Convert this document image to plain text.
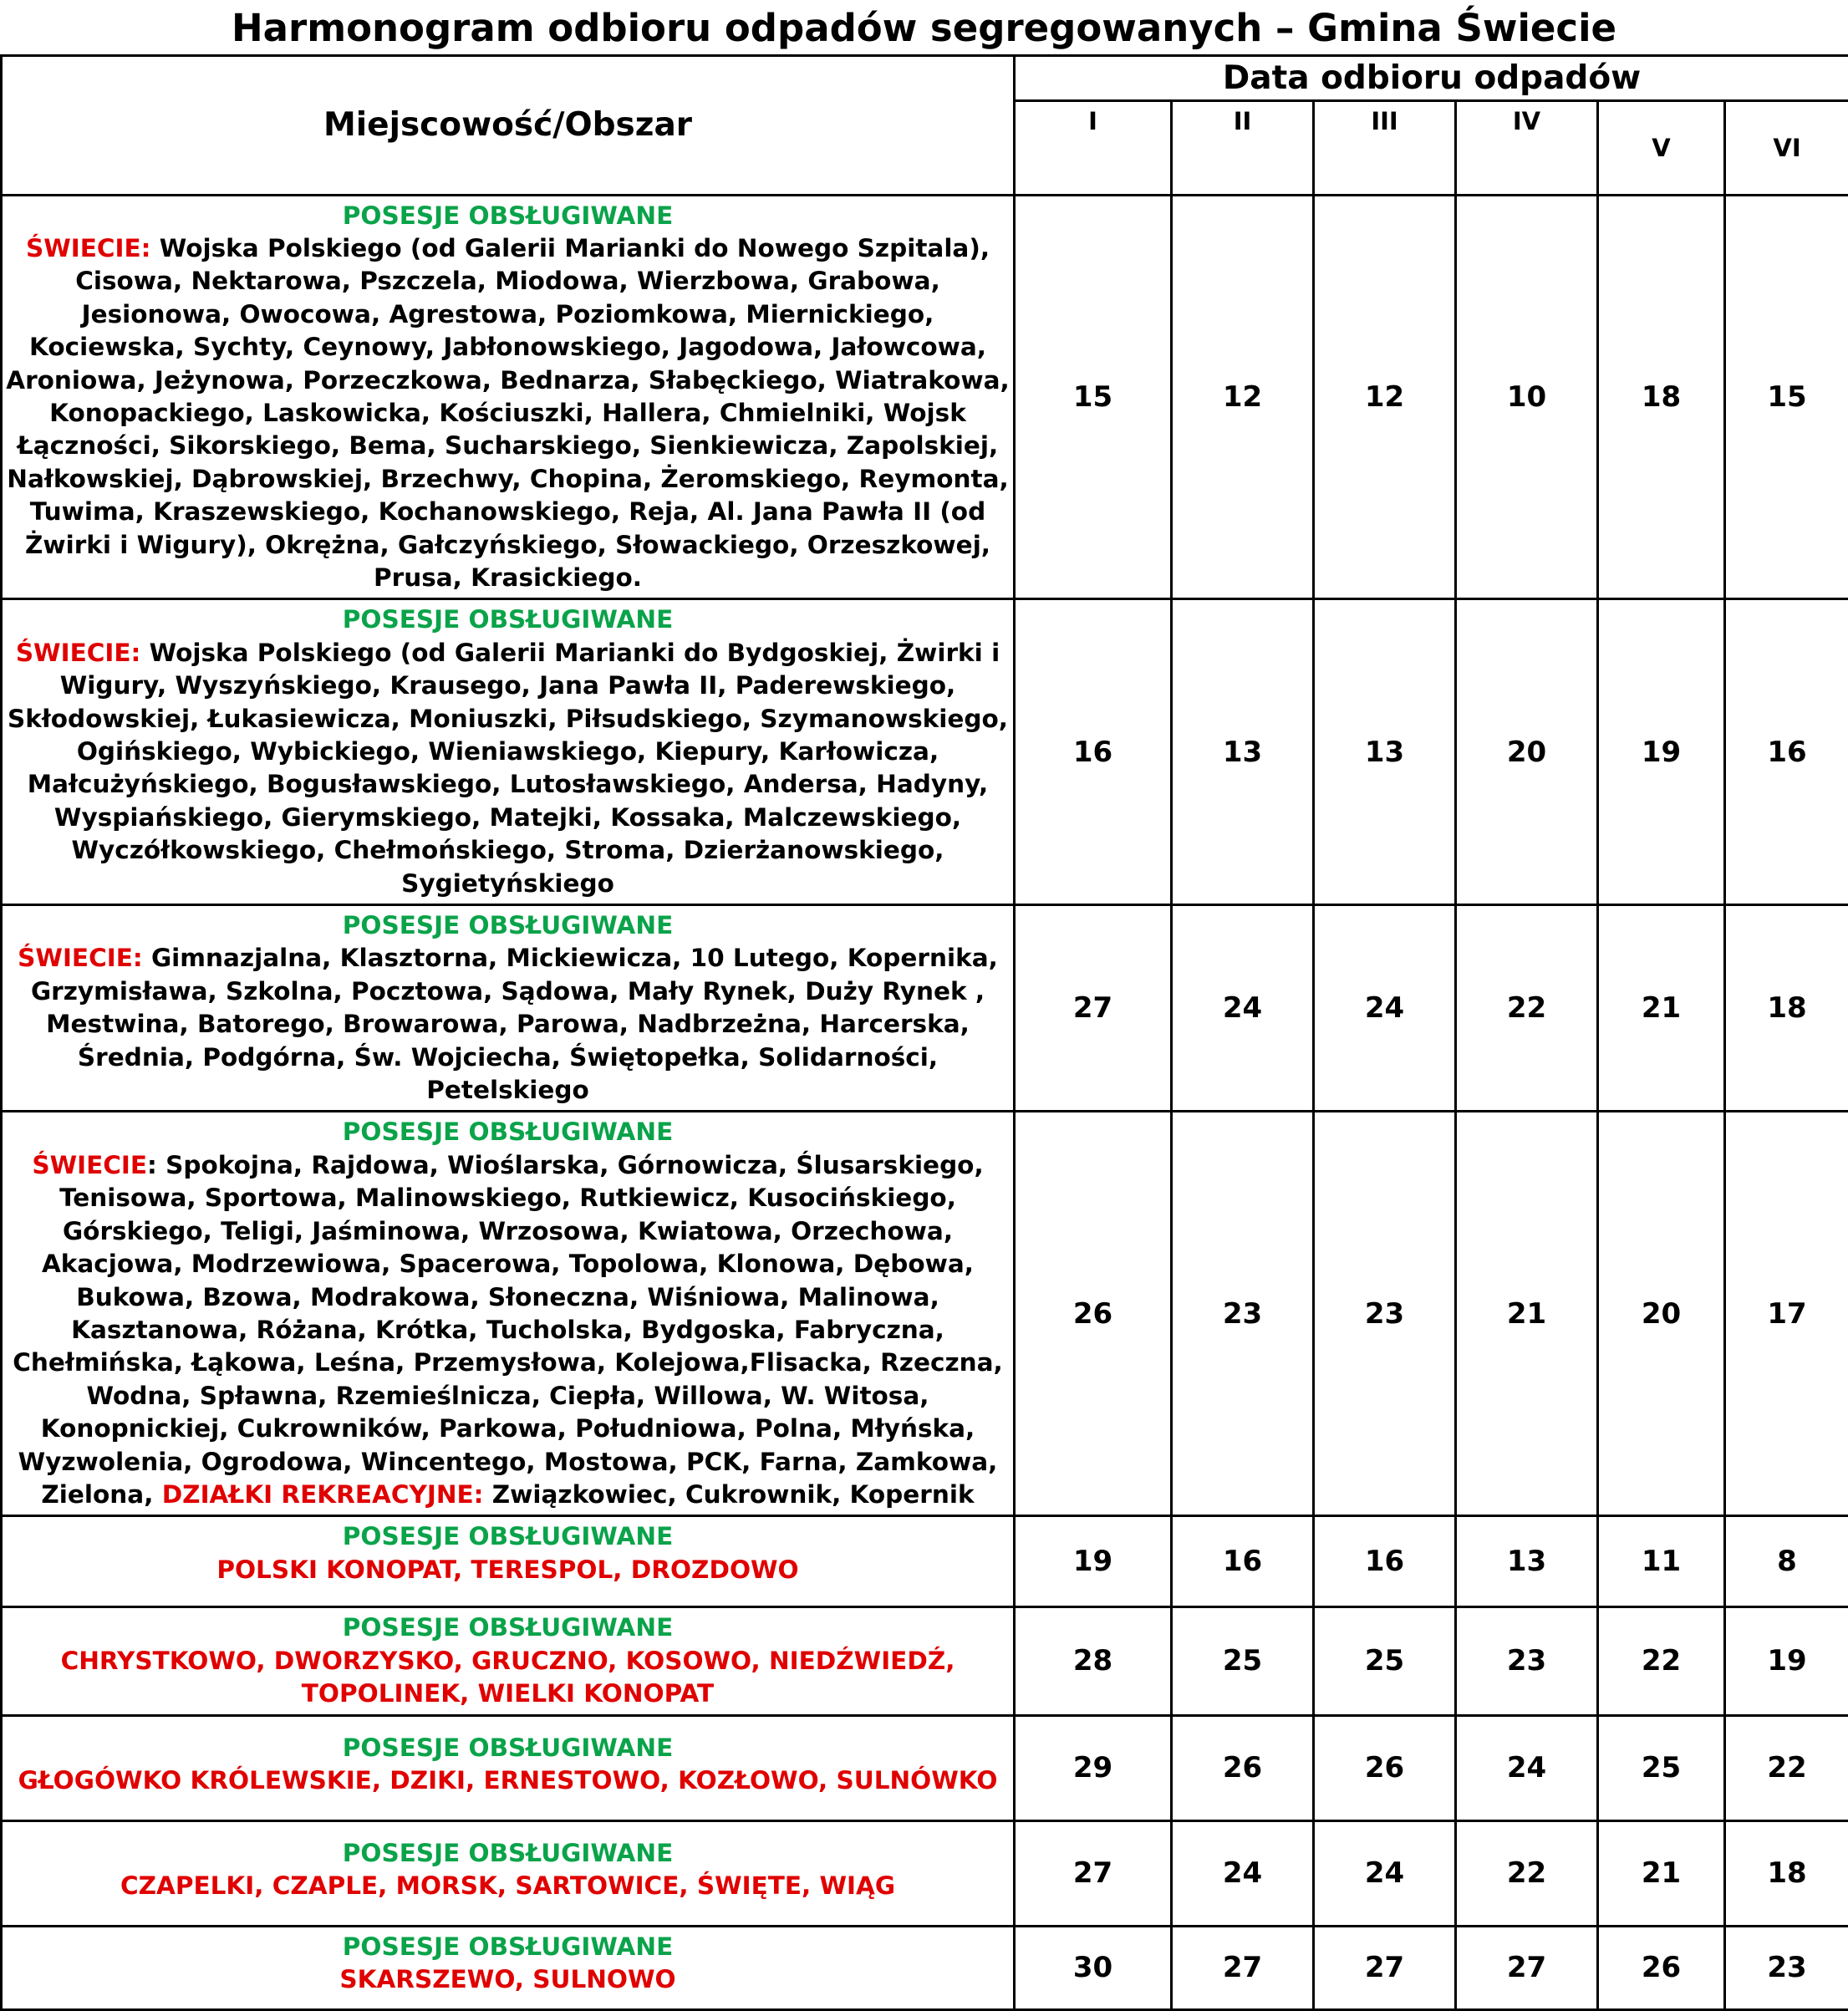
Harmonogram odbioru odpadów segregowanych – Gmina Świecie
Miejscowość/Obszar	Data odbioru odpadów					
	I	II	III	IV	V	VI

POSESJE OBSŁUGIWANE
ŚWIECIE: Wojska Polskiego (od Galerii Marianki do Nowego Szpitala), Cisowa, Nektarowa, Pszczela, Miodowa, Wierzbowa, Grabowa, Jesionowa, Owocowa, Agrestowa, Poziomkowa, Miernickiego, Kociewska, Sychty, Ceynowy, Jabłonowskiego, Jagodowa, Jałowcowa, Aroniowa, Jeżynowa, Porzeczkowa, Bednarza, Słabęckiego, Wiatrakowa, Konopackiego, Laskowicka, Kościuszki, Hallera, Chmielniki, Wojsk Łączności, Sikorskiego, Bema, Sucharskiego, Sienkiewicza, Zapolskiej, Nałkowskiej, Dąbrowskiej, Brzechwy, Chopina, Żeromskiego, Reymonta, Tuwima, Kraszewskiego, Kochanowskiego, Reja, Al. Jana Pawła II (od Żwirki i Wigury), Okrężna, Gałczyńskiego, Słowackiego, Orzeszkowej, Prusa, Krasickiego.	15	12	12	10	18	15

POSESJE OBSŁUGIWANE
ŚWIECIE: Wojska Polskiego (od Galerii Marianki do Bydgoskiej, Żwirki i Wigury, Wyszyńskiego, Krausego, Jana Pawła II, Paderewskiego, Skłodowskiej, Łukasiewicza, Moniuszki, Piłsudskiego, Szymanowskiego, Ogińskiego, Wybickiego, Wieniawskiego, Kiepury, Karłowicza, Małcużyńskiego, Bogusławskiego, Lutosławskiego, Andersa, Hadyny, Wyspiańskiego, Gierymskiego, Matejki, Kossaka, Malczewskiego, Wyczółkowskiego, Chełmońskiego, Stroma, Dzierżanowskiego, Sygietyńskiego	16	13	13	20	19	16

POSESJE OBSŁUGIWANE
ŚWIECIE: Gimnazjalna, Klasztorna, Mickiewicza, 10 Lutego, Kopernika, Grzymisława, Szkolna, Pocztowa, Sądowa, Mały Rynek, Duży Rynek , Mestwina, Batorego, Browarowa, Parowa, Nadbrzeżna, Harcerska, Średnia, Podgórna, Św. Wojciecha, Świętopełka, Solidarności, Petelskiego	27	24	24	22	21	18

POSESJE OBSŁUGIWANE
ŚWIECIE: Spokojna, Rajdowa, Wioślarska, Górnowicza, Ślusarskiego, Tenisowa, Sportowa, Malinowskiego, Rutkiewicz, Kusocińskiego, Górskiego, Teligi, Jaśminowa, Wrzosowa, Kwiatowa, Orzechowa, Akacjowa, Modrzewiowa, Spacerowa, Topolowa, Klonowa, Dębowa, Bukowa, Bzowa, Modrakowa, Słoneczna, Wiśniowa, Malinowa, Kasztanowa, Różana, Krótka, Tucholska, Bydgoska, Fabryczna, Chełmińska, Łąkowa, Leśna, Przemysłowa, Kolejowa,Flisacka, Rzeczna, Wodna, Spławna, Rzemieślnicza, Ciepła, Willowa, W. Witosa, Konopnickiej, Cukrowników, Parkowa, Południowa, Polna, Młyńska, Wyzwolenia, Ogrodowa, Wincentego, Mostowa, PCK, Farna, Zamkowa, Zielona, DZIAŁKI REKREACYJNE: Związkowiec, Cukrownik, Kopernik	26	23	23	21	20	17

POSESJE OBSŁUGIWANE
POLSKI KONOPAT, TERESPOL, DROZDOWO	19	16	16	13	11	8

POSESJE OBSŁUGIWANE
CHRYSTKOWO, DWORZYSKO, GRUCZNO, KOSOWO, NIEDŹWIEDŹ, TOPOLINEK, WIELKI KONOPAT	28	25	25	23	22	19

POSESJE OBSŁUGIWANE
GŁOGÓWKO KRÓLEWSKIE, DZIKI, ERNESTOWO, KOZŁOWO, SULNÓWKO	29	26	26	24	25	22

POSESJE OBSŁUGIWANE
CZAPELKI, CZAPLE, MORSK, SARTOWICE, ŚWIĘTE, WIĄG	27	24	24	22	21	18

POSESJE OBSŁUGIWANE
SKARSZEWO, SULNOWO	30	27	27	27	26	23
